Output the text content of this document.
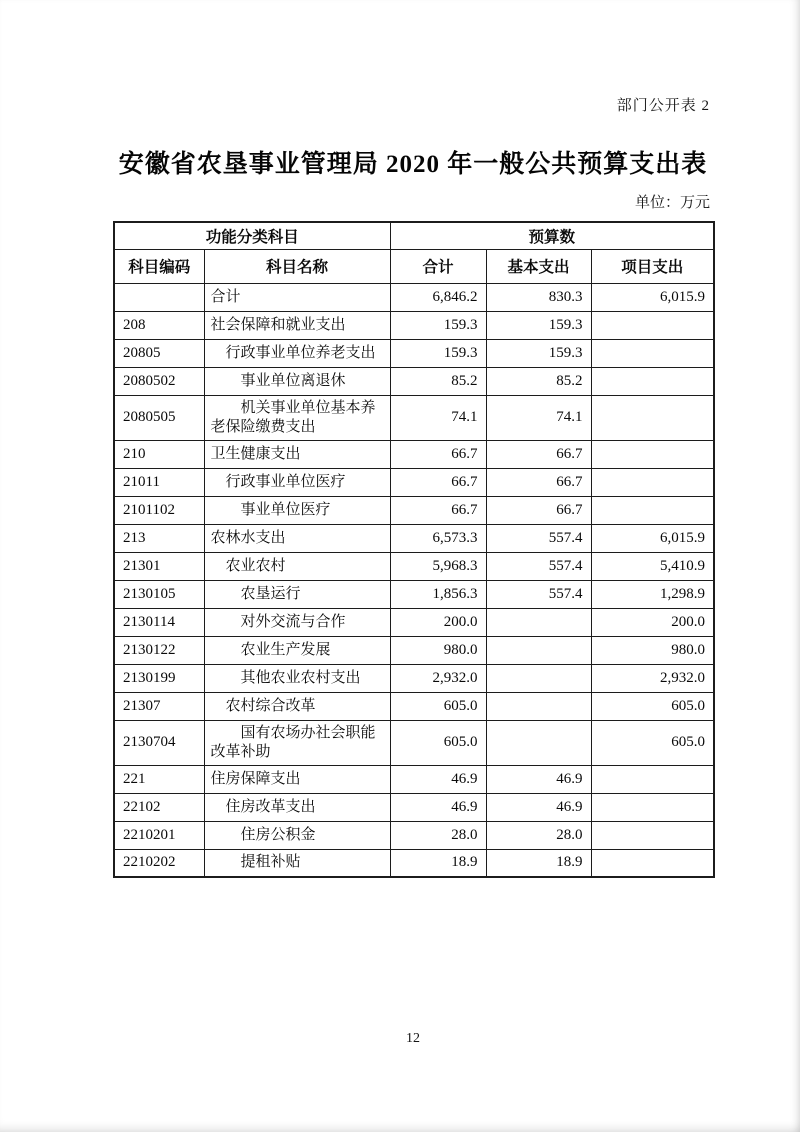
部门公开表 2
安徽省农垦事业管理局 2020 年一般公共预算支出表
单位：万元
功能分类科目		预算数		
科目编码	科目名称	合计	基本支出	项目支出
	合计	6,846.2	830.3	6,015.9
208	社会保障和就业支出	159.3	159.3	
20805	行政事业单位养老支出	159.3	159.3	
2080502	事业单位离退休	85.2	85.2	
2080505	机关事业单位基本养老保险缴费支出	74.1	74.1	
210	卫生健康支出	66.7	66.7	
21011	行政事业单位医疗	66.7	66.7	
2101102	事业单位医疗	66.7	66.7	
213	农林水支出	6,573.3	557.4	6,015.9
21301	农业农村	5,968.3	557.4	5,410.9
2130105	农垦运行	1,856.3	557.4	1,298.9
2130114	对外交流与合作	200.0		200.0
2130122	农业生产发展	980.0		980.0
2130199	其他农业农村支出	2,932.0		2,932.0
21307	农村综合改革	605.0		605.0
2130704	国有农场办社会职能改革补助	605.0		605.0
221	住房保障支出	46.9	46.9	
22102	住房改革支出	46.9	46.9	
2210201	住房公积金	28.0	28.0	
2210202	提租补贴	18.9	18.9	
12
